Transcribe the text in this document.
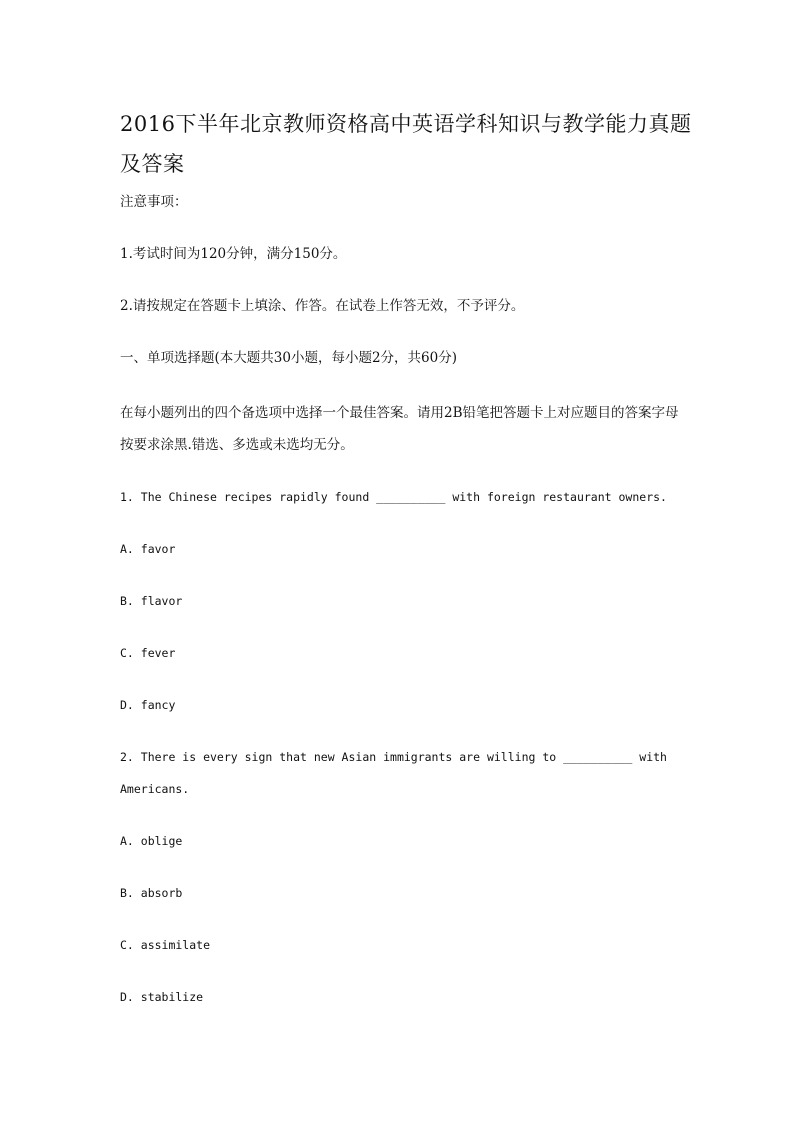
2016下半年北京教师资格高中英语学科知识与教学能力真题及答案

注意事项：

1.考试时间为120分钟，满分150分。

2.请按规定在答题卡上填涂、作答。在试卷上作答无效，不予评分。

一、单项选择题(本大题共30小题，每小题2分，共60分)

在每小题列出的四个备选项中选择一个最佳答案。请用2B铅笔把答题卡上对应题目的答案字母按要求涂黑.错选、多选或未选均无分。

1. The Chinese recipes rapidly found __________ with foreign restaurant owners.

A. favor

B. flavor

C. fever

D. fancy

2. There is every sign that new Asian immigrants are willing to __________ with Americans.

A. oblige

B. absorb

C. assimilate

D. stabilize
